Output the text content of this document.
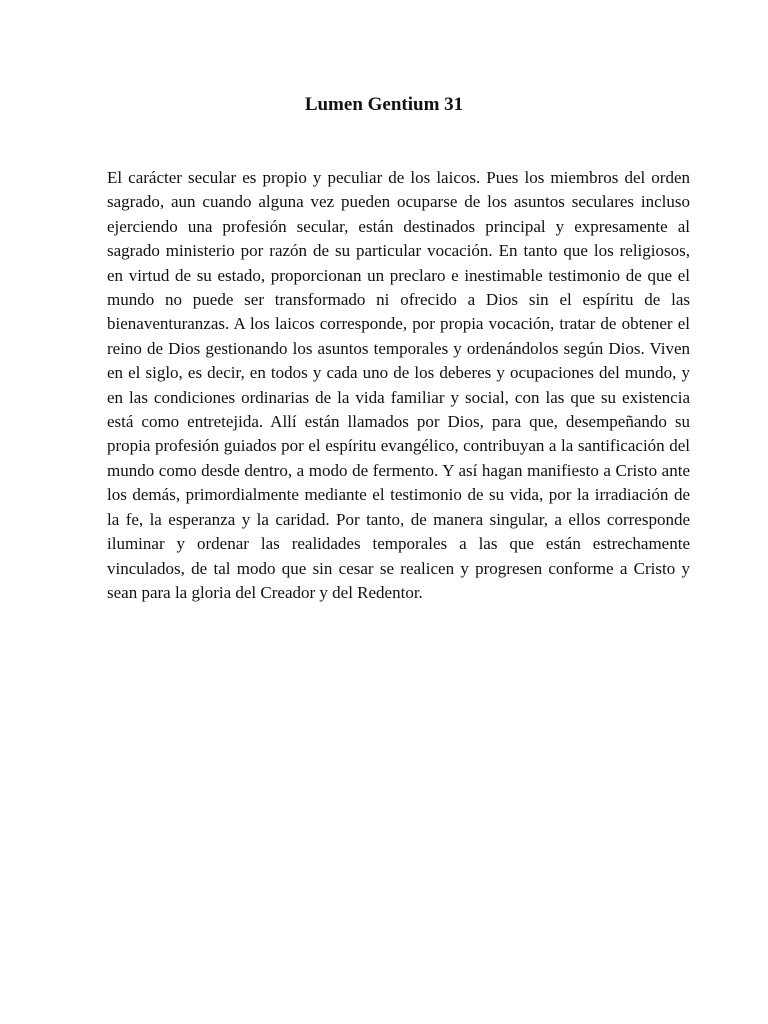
Lumen Gentium 31

El carácter secular es propio y peculiar de los laicos. Pues los miembros del orden sagrado, aun cuando alguna vez pueden ocuparse de los asuntos seculares incluso ejerciendo una profesión secular, están destinados principal y expresamente al sagrado ministerio por razón de su particular vocación. En tanto que los religiosos, en virtud de su estado, proporcionan un preclaro e inestimable testimonio de que el mundo no puede ser transformado ni ofrecido a Dios sin el espíritu de las bienaventuranzas. A los laicos corresponde, por propia vocación, tratar de obtener el reino de Dios gestionando los asuntos temporales y ordenándolos según Dios. Viven en el siglo, es decir, en todos y cada uno de los deberes y ocupaciones del mundo, y en las condiciones ordinarias de la vida familiar y social, con las que su existencia está como entretejida. Allí están llamados por Dios, para que, desempeñando su propia profesión guiados por el espíritu evangélico, contribuyan a la santificación del mundo como desde dentro, a modo de fermento. Y así hagan manifiesto a Cristo ante los demás, primordialmente mediante el testimonio de su vida, por la irradiación de la fe, la esperanza y la caridad. Por tanto, de manera singular, a ellos corresponde iluminar y ordenar las realidades temporales a las que están estrechamente vinculados, de tal modo que sin cesar se realicen y progresen conforme a Cristo y sean para la gloria del Creador y del Redentor.
